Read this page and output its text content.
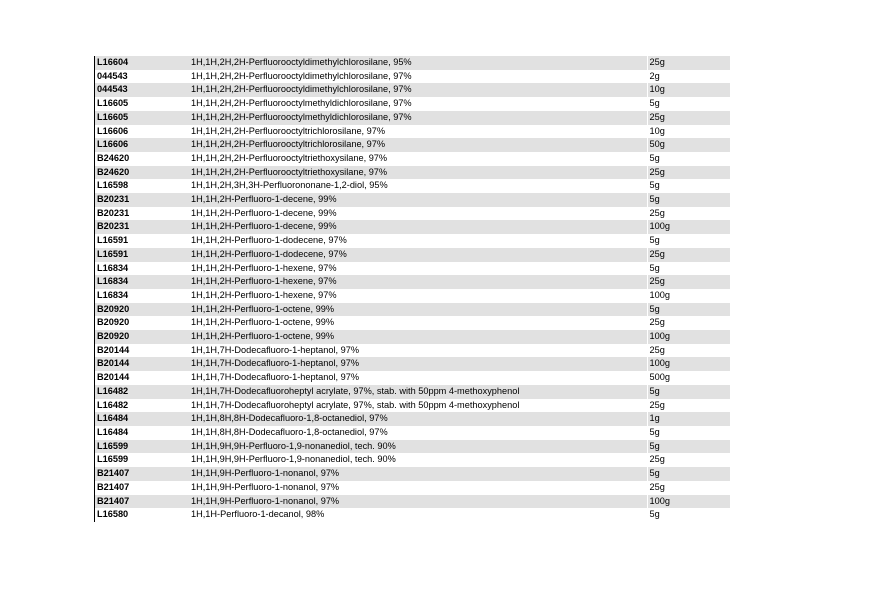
L16604	1H,1H,2H,2H-Perfluorooctyldimethylchlorosilane, 95%	25g
044543	1H,1H,2H,2H-Perfluorooctyldimethylchlorosilane, 97%	2g
044543	1H,1H,2H,2H-Perfluorooctyldimethylchlorosilane, 97%	10g
L16605	1H,1H,2H,2H-Perfluorooctylmethyldichlorosilane, 97%	5g
L16605	1H,1H,2H,2H-Perfluorooctylmethyldichlorosilane, 97%	25g
L16606	1H,1H,2H,2H-Perfluorooctyltrichlorosilane, 97%	10g
L16606	1H,1H,2H,2H-Perfluorooctyltrichlorosilane, 97%	50g
B24620	1H,1H,2H,2H-Perfluorooctyltriethoxysilane, 97%	5g
B24620	1H,1H,2H,2H-Perfluorooctyltriethoxysilane, 97%	25g
L16598	1H,1H,2H,3H,3H-Perfluorononane-1,2-diol, 95%	5g
B20231	1H,1H,2H-Perfluoro-1-decene, 99%	5g
B20231	1H,1H,2H-Perfluoro-1-decene, 99%	25g
B20231	1H,1H,2H-Perfluoro-1-decene, 99%	100g
L16591	1H,1H,2H-Perfluoro-1-dodecene, 97%	5g
L16591	1H,1H,2H-Perfluoro-1-dodecene, 97%	25g
L16834	1H,1H,2H-Perfluoro-1-hexene, 97%	5g
L16834	1H,1H,2H-Perfluoro-1-hexene, 97%	25g
L16834	1H,1H,2H-Perfluoro-1-hexene, 97%	100g
B20920	1H,1H,2H-Perfluoro-1-octene, 99%	5g
B20920	1H,1H,2H-Perfluoro-1-octene, 99%	25g
B20920	1H,1H,2H-Perfluoro-1-octene, 99%	100g
B20144	1H,1H,7H-Dodecafluoro-1-heptanol, 97%	25g
B20144	1H,1H,7H-Dodecafluoro-1-heptanol, 97%	100g
B20144	1H,1H,7H-Dodecafluoro-1-heptanol, 97%	500g
L16482	1H,1H,7H-Dodecafluoroheptyl acrylate, 97%, stab. with 50ppm 4-methoxyphenol	5g
L16482	1H,1H,7H-Dodecafluoroheptyl acrylate, 97%, stab. with 50ppm 4-methoxyphenol	25g
L16484	1H,1H,8H,8H-Dodecafluoro-1,8-octanediol, 97%	1g
L16484	1H,1H,8H,8H-Dodecafluoro-1,8-octanediol, 97%	5g
L16599	1H,1H,9H,9H-Perfluoro-1,9-nonanediol, tech. 90%	5g
L16599	1H,1H,9H,9H-Perfluoro-1,9-nonanediol, tech. 90%	25g
B21407	1H,1H,9H-Perfluoro-1-nonanol, 97%	5g
B21407	1H,1H,9H-Perfluoro-1-nonanol, 97%	25g
B21407	1H,1H,9H-Perfluoro-1-nonanol, 97%	100g
L16580	1H,1H-Perfluoro-1-decanol, 98%	5g
